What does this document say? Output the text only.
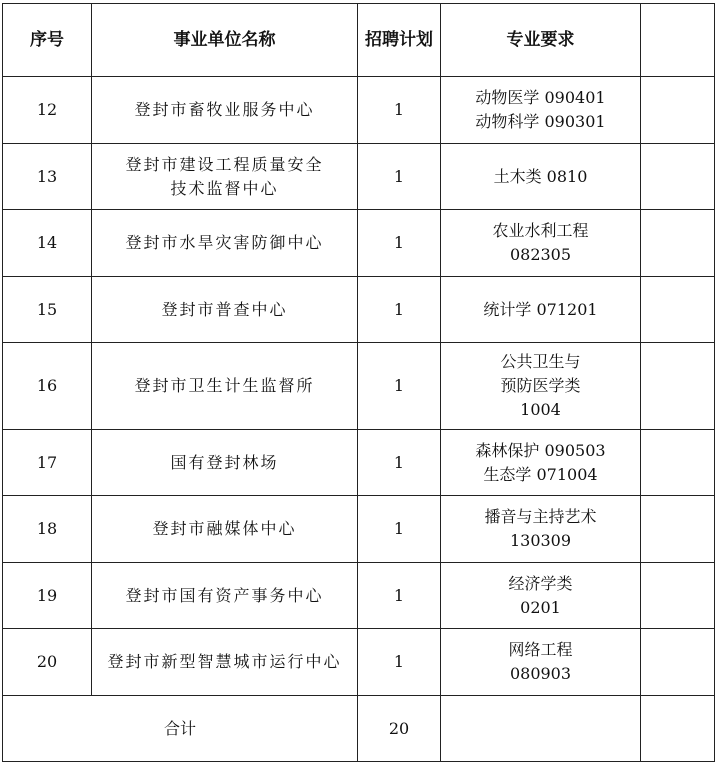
序号	事业单位名称	招聘计划	专业要求	
12	登封市畜牧业服务中心	1	动物医学 090401
动物科学 090301	

13	登封市建设工程质量安全
技术监督中心	1	土木类 0810	

14	登封市水旱灾害防御中心	1	农业水利工程
082305	

15	登封市普查中心	1	统计学 071201	

16	登封市卫生计生监督所	1	公共卫生与
预防医学类
1004	

17	国有登封林场	1	森林保护 090503
生态学 071004	

18	登封市融媒体中心	1	播音与主持艺术
130309	

19	登封市国有资产事务中心	1	经济学类
0201	

20	登封市新型智慧城市运行中心	1	网络工程
080903	

合计		20		
